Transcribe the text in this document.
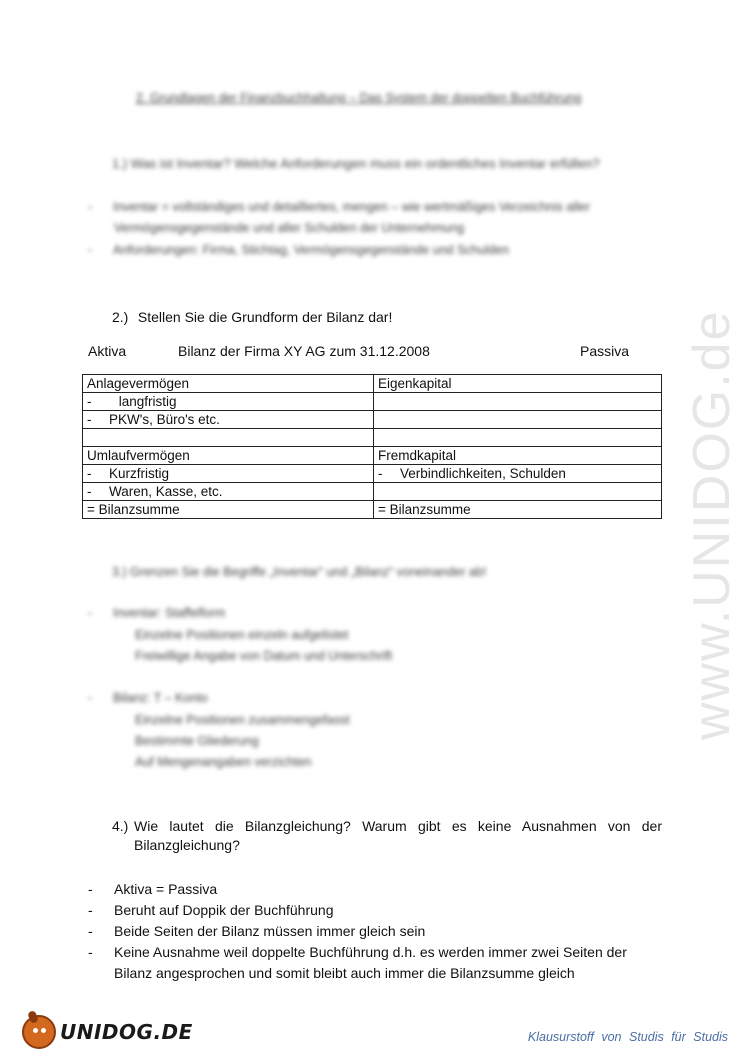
www.UNIDOG.de
2. Grundlagen der Finanzbuchhaltung – Das System der doppelten Buchführung
1.) Was ist Inventar? Welche Anforderungen muss ein ordentliches Inventar erfüllen?
-      Inventar = vollständiges und detailliertes, mengen – wie wertmäßiges Verzeichnis aller
Vermögensgegenstände und aller Schulden der Unternehmung
-      Anforderungen: Firma, Stichtag, Vermögensgegenstände und Schulden
2.) Stellen Sie die Grundform der Bilanz dar!
Aktiva	Bilanz der Firma XY AG zum 31.12.2008	Passiva
Anlagevermögen	Eigenkapital
- langfristig	
- PKW's, Büro's etc.	

Umlaufvermögen	Fremdkapital
- Kurzfristig	- Verbindlichkeiten, Schulden
- Waren, Kasse, etc.	
= Bilanzsumme	= Bilanzsumme
3.) Grenzen Sie die Begriffe „Inventar“ und „Bilanz“ voneinander ab!
-      Inventar: Staffelform
Einzelne Positionen einzeln aufgelistet
Freiwillige Angabe von Datum und Unterschrift
-      Bilanz: T – Konto
Einzelne Positionen zusammengefasst
Bestimmte Gliederung
Auf Mengenangaben verzichten
4.) Wie lautet die Bilanzgleichung? Warum gibt es keine Ausnahmen von der
Bilanzgleichung?
- Aktiva = Passiva
- Beruht auf Doppik der Buchführung
- Beide Seiten der Bilanz müssen immer gleich sein
- Keine Ausnahme weil doppelte Buchführung d.h. es werden immer zwei Seiten der Bilanz angesprochen und somit bleibt auch immer die Bilanzsumme gleich
UNIDOG.DE	Klausurstoff von Studis für Studis
